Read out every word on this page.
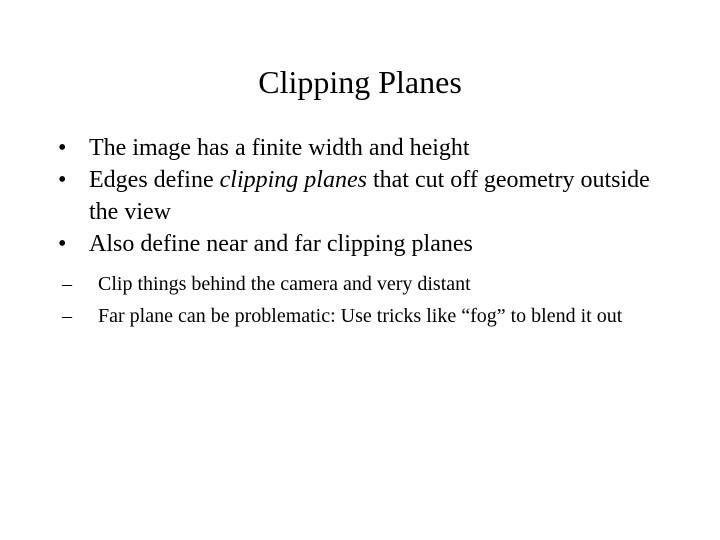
Clipping Planes
• The image has a finite width and height
• Edges define clipping planes that cut off geometry outside the view
• Also define near and far clipping planes
–	Clip things behind the camera and very distant
–	Far plane can be problematic: Use tricks like “fog” to blend it out
